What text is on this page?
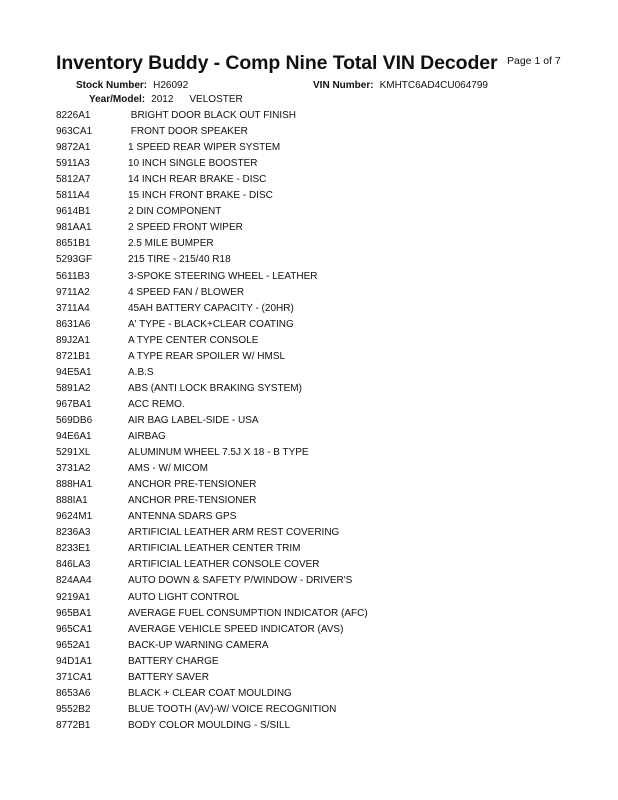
Inventory Buddy - Comp Nine Total VIN Decoder Page 1 of 7
Stock Number: H26092	VIN Number: KMHTC6AD4CU064799
Year/Model: 2012 VELOSTER
8226A1	BRIGHT DOOR BLACK OUT FINISH
963CA1	FRONT DOOR SPEAKER
9872A1	1 SPEED REAR WIPER SYSTEM
5911A3	10 INCH SINGLE BOOSTER
5812A7	14 INCH REAR BRAKE - DISC
5811A4	15 INCH FRONT BRAKE - DISC
9614B1	2 DIN COMPONENT
981AA1	2 SPEED FRONT WIPER
8651B1	2.5 MILE BUMPER
5293GF	215 TIRE - 215/40 R18
5611B3	3-SPOKE STEERING WHEEL - LEATHER
9711A2	4 SPEED FAN / BLOWER
3711A4	45AH BATTERY CAPACITY - (20HR)
8631A6	A' TYPE - BLACK+CLEAR COATING
89J2A1	A TYPE CENTER CONSOLE
8721B1	A TYPE REAR SPOILER W/ HMSL
94E5A1	A.B.S
5891A2	ABS (ANTI LOCK BRAKING SYSTEM)
967BA1	ACC REMO.
569DB6	AIR BAG LABEL-SIDE - USA
94E6A1	AIRBAG
5291XL	ALUMINUM WHEEL 7.5J X 18 - B TYPE
3731A2	AMS - W/ MICOM
888HA1	ANCHOR PRE-TENSIONER
888IA1	ANCHOR PRE-TENSIONER
9624M1	ANTENNA SDARS GPS
8236A3	ARTIFICIAL LEATHER ARM REST COVERING
8233E1	ARTIFICIAL LEATHER CENTER TRIM
846LA3	ARTIFICIAL LEATHER CONSOLE COVER
824AA4	AUTO DOWN & SAFETY P/WINDOW - DRIVER'S
9219A1	AUTO LIGHT CONTROL
965BA1	AVERAGE FUEL CONSUMPTION INDICATOR (AFC)
965CA1	AVERAGE VEHICLE SPEED INDICATOR (AVS)
9652A1	BACK-UP WARNING CAMERA
94D1A1	BATTERY CHARGE
371CA1	BATTERY SAVER
8653A6	BLACK + CLEAR COAT MOULDING
9552B2	BLUE TOOTH (AV)-W/ VOICE RECOGNITION
8772B1	BODY COLOR MOULDING - S/SILL
